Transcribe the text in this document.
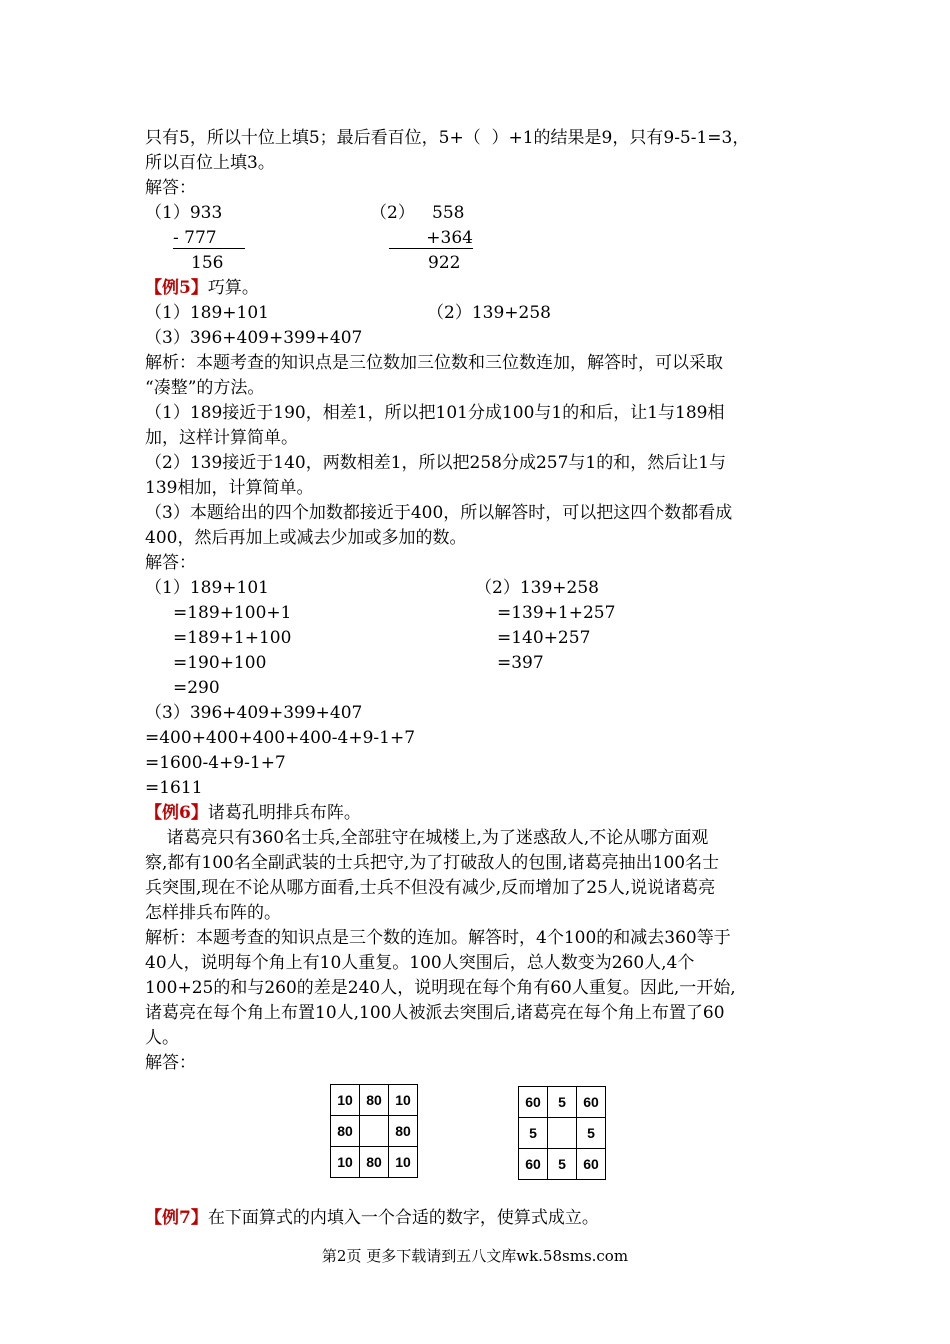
只有5，所以十位上填5；最后看百位，5+（  ）+1的结果是9，只有9-5-1=3，
所以百位上填3。
解答：
（1）933
- 777
156
（2） 558
+364
922
【例5】巧算。
（1）189+101	（2）139+258
（3）396+409+399+407
解析：本题考查的知识点是三位数加三位数和三位数连加，解答时，可以采取
“凑整”的方法。
（1）189接近于190，相差1，所以把101分成100与1的和后，让1与189相
加，这样计算简单。
（2）139接近于140，两数相差1，所以把258分成257与1的和，然后让1与
139相加，计算简单。
（3）本题给出的四个加数都接近于400，所以解答时，可以把这四个数都看成
400，然后再加上或减去少加或多加的数。
解答：
（1）189+101
=189+100+1
=189+1+100
=190+100
=290
（2）139+258
=139+1+257
=140+257
=397
（3）396+409+399+407
=400+400+400+400-4+9-1+7
=1600-4+9-1+7
=1611
【例6】诸葛孔明排兵布阵。
诸葛亮只有360名士兵,全部驻守在城楼上,为了迷惑敌人,不论从哪方面观
察,都有100名全副武装的士兵把守,为了打破敌人的包围,诸葛亮抽出100名士
兵突围,现在不论从哪方面看,士兵不但没有减少,反而增加了25人,说说诸葛亮
怎样排兵布阵的。
解析：本题考查的知识点是三个数的连加。解答时，4个100的和减去360等于
40人，说明每个角上有10人重复。100人突围后，总人数变为260人,4个
100+25的和与260的差是240人，说明现在每个角有60人重复。因此,一开始,
诸葛亮在每个角上布置10人,100人被派去突围后,诸葛亮在每个角上布置了60
人。
解答：
10	80	10
80		80
10	80	10
60	5	60
5		5
60	5	60
【例7】在下面算式的内填入一个合适的数字，使算式成立。
第2页 更多下载请到五八文库wk.58sms.com
